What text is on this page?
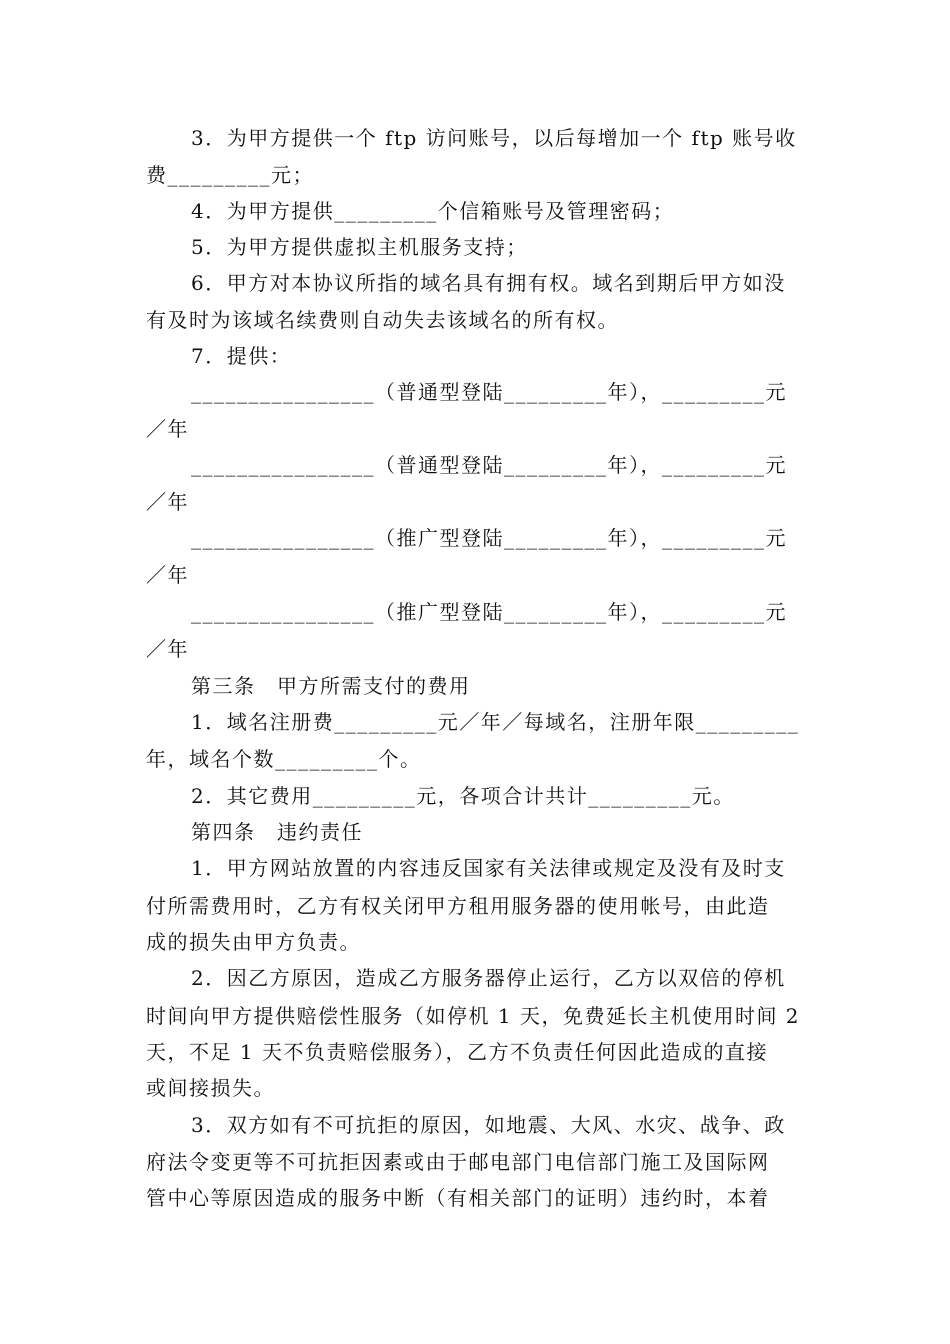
3．为甲方提供一个 ftp 访问账号，以后每增加一个 ftp 账号收
费_________元；
4．为甲方提供_________个信箱账号及管理密码；
5．为甲方提供虚拟主机服务支持；
6．甲方对本协议所指的域名具有拥有权。域名到期后甲方如没
有及时为该域名续费则自动失去该域名的所有权。
7．提供：
________________（普通型登陆_________年），_________元
／年
________________（普通型登陆_________年），_________元
／年
________________（推广型登陆_________年），_________元
／年
________________（推广型登陆_________年），_________元
／年
第三条　甲方所需支付的费用
1．域名注册费_________元／年／每域名，注册年限_________
年，域名个数_________个。
2．其它费用_________元，各项合计共计_________元。
第四条　违约责任
1．甲方网站放置的内容违反国家有关法律或规定及没有及时支
付所需费用时，乙方有权关闭甲方租用服务器的使用帐号，由此造
成的损失由甲方负责。
2．因乙方原因，造成乙方服务器停止运行，乙方以双倍的停机
时间向甲方提供赔偿性服务（如停机 1 天，免费延长主机使用时间 2
天，不足 1 天不负责赔偿服务），乙方不负责任何因此造成的直接
或间接损失。
3．双方如有不可抗拒的原因，如地震、大风、水灾、战争、政
府法令变更等不可抗拒因素或由于邮电部门电信部门施工及国际网
管中心等原因造成的服务中断（有相关部门的证明）违约时，本着
